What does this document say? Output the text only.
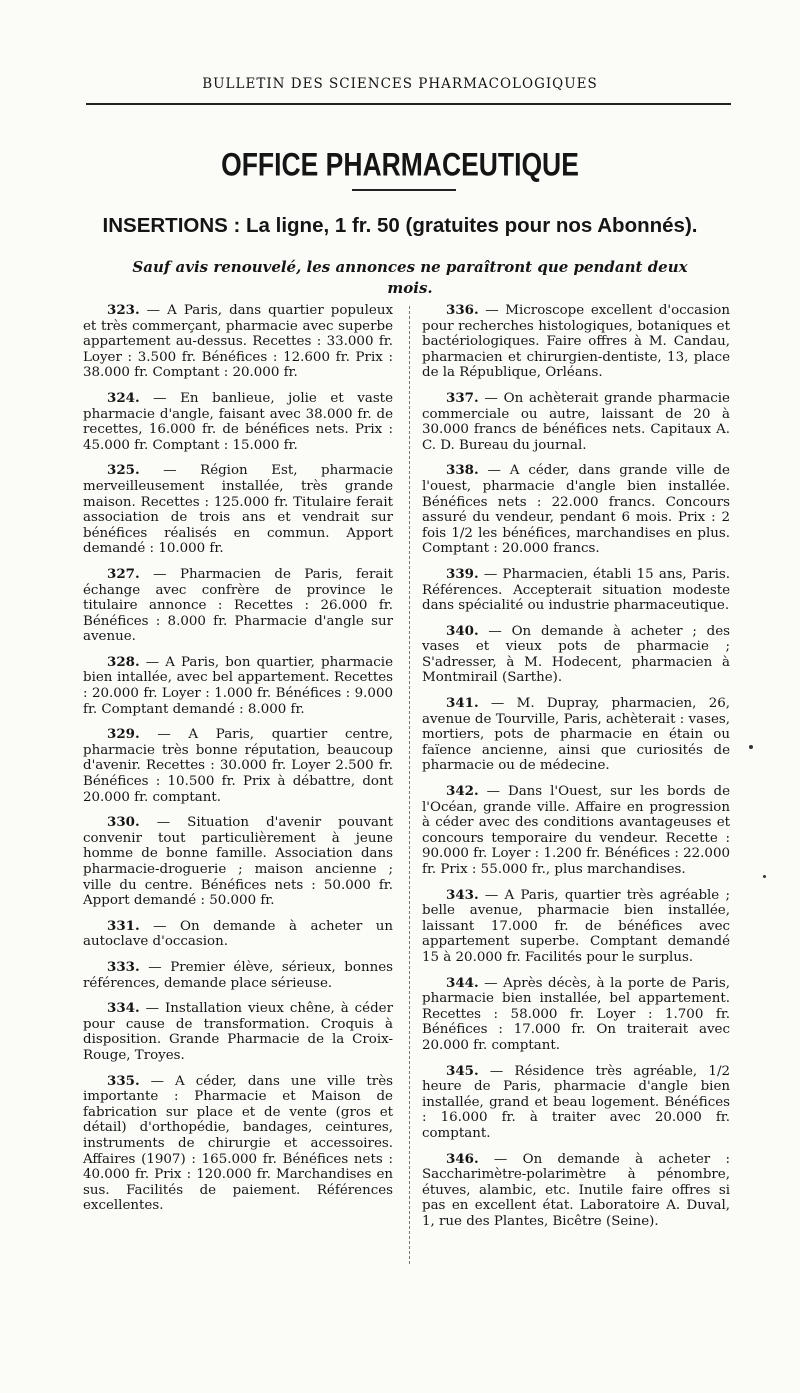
BULLETIN DES SCIENCES PHARMACOLOGIQUES
OFFICE PHARMACEUTIQUE
INSERTIONS : La ligne, 1 fr. 50 (gratuites pour nos Abonnés).
Sauf avis renouvelé, les annonces ne paraîtront que pendant deux mois.

323. — A Paris, dans quartier populeux et très commerçant, pharmacie avec superbe appartement au-dessus. Recettes : 33.000 fr. Loyer : 3.500 fr. Bénéfices : 12.600 fr. Prix : 38.000 fr. Comptant : 20.000 fr.

324. — En banlieue, jolie et vaste pharmacie d'angle, faisant avec 38.000 fr. de recettes, 16.000 fr. de bénéfices nets. Prix : 45.000 fr. Comptant : 15.000 fr.

325. — Région Est, pharmacie merveilleusement installée, très grande maison. Recettes : 125.000 fr. Titulaire ferait association de trois ans et vendrait sur bénéfices réalisés en commun. Apport demandé : 10.000 fr.

327. — Pharmacien de Paris, ferait échange avec confrère de province le titulaire annonce : Recettes : 26.000 fr. Bénéfices : 8.000 fr. Pharmacie d'angle sur avenue.

328. — A Paris, bon quartier, pharmacie bien intallée, avec bel appartement. Recettes : 20.000 fr. Loyer : 1.000 fr. Bénéfices : 9.000 fr. Comptant demandé : 8.000 fr.

329. — A Paris, quartier centre, pharmacie très bonne réputation, beaucoup d'avenir. Recettes : 30.000 fr. Loyer 2.500 fr. Bénéfices : 10.500 fr. Prix à débattre, dont 20.000 fr. comptant.

330. — Situation d'avenir pouvant convenir tout particulièrement à jeune homme de bonne famille. Association dans pharmacie-droguerie ; maison ancienne ; ville du centre. Bénéfices nets : 50.000 fr. Apport demandé : 50.000 fr.

331. — On demande à acheter un autoclave d'occasion.

333. — Premier élève, sérieux, bonnes références, demande place sérieuse.

334. — Installation vieux chêne, à céder pour cause de transformation. Croquis à disposition. Grande Pharmacie de la Croix-Rouge, Troyes.

335. — A céder, dans une ville très importante : Pharmacie et Maison de fabrication sur place et de vente (gros et détail) d'orthopédie, bandages, ceintures, instruments de chirurgie et accessoires. Affaires (1907) : 165.000 fr. Bénéfices nets : 40.000 fr. Prix : 120.000 fr. Marchandises en sus. Facilités de paiement. Références excellentes.

336. — Microscope excellent d'occasion pour recherches histologiques, botaniques et bactériologiques. Faire offres à M. Candau, pharmacien et chirurgien-dentiste, 13, place de la République, Orléans.

337. — On achèterait grande pharmacie commerciale ou autre, laissant de 20 à 30.000 francs de bénéfices nets. Capitaux A. C. D. Bureau du journal.

338. — A céder, dans grande ville de l'ouest, pharmacie d'angle bien installée. Bénéfices nets : 22.000 francs. Concours assuré du vendeur, pendant 6 mois. Prix : 2 fois 1/2 les bénéfices, marchandises en plus. Comptant : 20.000 francs.

339. — Pharmacien, établi 15 ans, Paris. Références. Accepterait situation modeste dans spécialité ou industrie pharmaceutique.

340. — On demande à acheter ; des vases et vieux pots de pharmacie ; S'adresser, à M. Hodecent, pharmacien à Montmirail (Sarthe).

341. — M. Dupray, pharmacien, 26, avenue de Tourville, Paris, achèterait : vases, mortiers, pots de pharmacie en étain ou faïence ancienne, ainsi que curiosités de pharmacie ou de médecine.

342. — Dans l'Ouest, sur les bords de l'Océan, grande ville. Affaire en progression à céder avec des conditions avantageuses et concours temporaire du vendeur. Recette : 90.000 fr. Loyer : 1.200 fr. Bénéfices : 22.000 fr. Prix : 55.000 fr., plus marchandises.

343. — A Paris, quartier très agréable ; belle avenue, pharmacie bien installée, laissant 17.000 fr. de bénéfices avec appartement superbe. Comptant demandé 15 à 20.000 fr. Facilités pour le surplus.

344. — Après décès, à la porte de Paris, pharmacie bien installée, bel appartement. Recettes : 58.000 fr. Loyer : 1.700 fr. Bénéfices : 17.000 fr. On traiterait avec 20.000 fr. comptant.

345. — Résidence très agréable, 1/2 heure de Paris, pharmacie d'angle bien installée, grand et beau logement. Bénéfices : 16.000 fr. à traiter avec 20.000 fr. comptant.

346. — On demande à acheter : Saccharimètre-polarimètre à pénombre, étuves, alambic, etc. Inutile faire offres si pas en excellent état. Laboratoire A. Duval, 1, rue des Plantes, Bicêtre (Seine).
